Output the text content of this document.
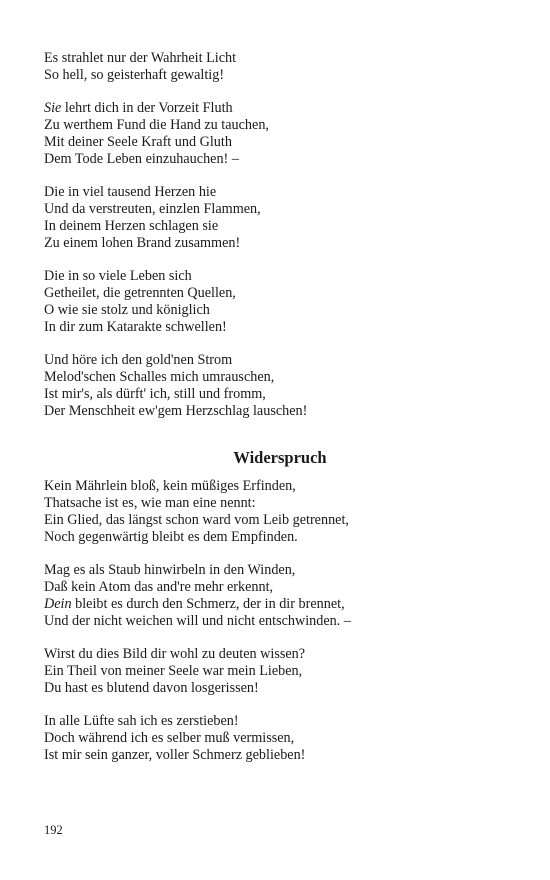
Es strahlet nur der Wahrheit Licht
So hell, so geisterhaft gewaltig!
Sie lehrt dich in der Vorzeit Fluth
Zu werthem Fund die Hand zu tauchen,
Mit deiner Seele Kraft und Gluth
Dem Tode Leben einzuhauchen! –
Die in viel tausend Herzen hie
Und da verstreuten, einzlen Flammen,
In deinem Herzen schlagen sie
Zu einem lohen Brand zusammen!
Die in so viele Leben sich
Getheilet, die getrennten Quellen,
O wie sie stolz und königlich
In dir zum Katarakte schwellen!
Und höre ich den gold'nen Strom
Melod'schen Schalles mich umrauschen,
Ist mir's, als dürft' ich, still und fromm,
Der Menschheit ew'gem Herzschlag lauschen!
Widerspruch
Kein Mährlein bloß, kein müßiges Erfinden,
Thatsache ist es, wie man eine nennt:
Ein Glied, das längst schon ward vom Leib getrennet,
Noch gegenwärtig bleibt es dem Empfinden.
Mag es als Staub hinwirbeln in den Winden,
Daß kein Atom das and're mehr erkennt,
Dein bleibt es durch den Schmerz, der in dir brennet,
Und der nicht weichen will und nicht entschwinden. –
Wirst du dies Bild dir wohl zu deuten wissen?
Ein Theil von meiner Seele war mein Lieben,
Du hast es blutend davon losgerissen!
In alle Lüfte sah ich es zerstieben!
Doch während ich es selber muß vermissen,
Ist mir sein ganzer, voller Schmerz geblieben!
192
